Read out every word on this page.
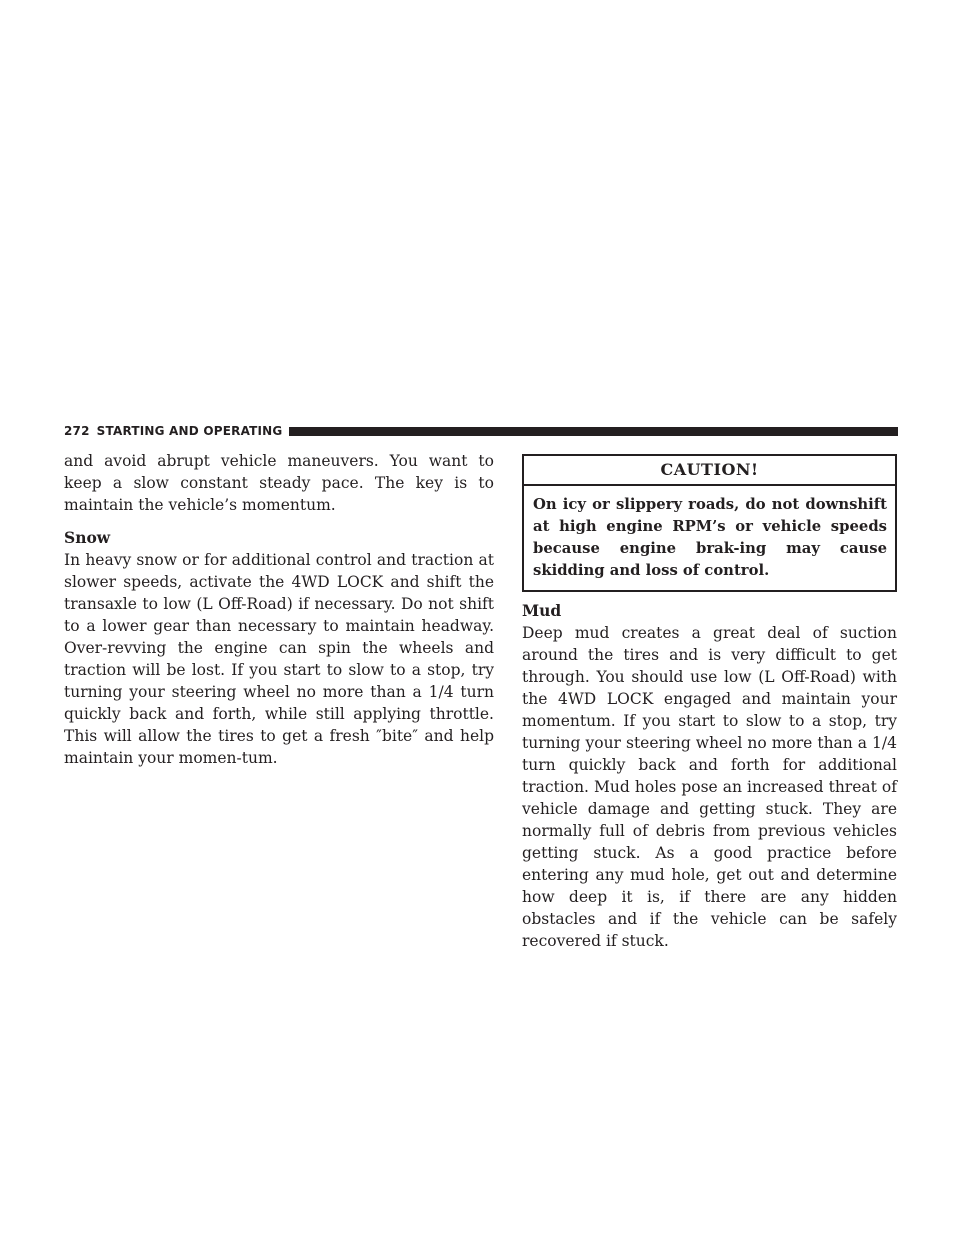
272 STARTING AND OPERATING

and avoid abrupt vehicle maneuvers. You want to keep a slow constant steady pace. The key is to maintain the vehicle’s momentum.

Snow

In heavy snow or for additional control and traction at slower speeds, activate the 4WD LOCK and shift the transaxle to low (L Off-Road) if necessary. Do not shift to a lower gear than necessary to maintain headway. Over-revving the engine can spin the wheels and traction will be lost. If you start to slow to a stop, try turning your steering wheel no more than a 1/4 turn quickly back and forth, while still applying throttle. This will allow the tires to get a fresh ″bite″ and help maintain your momen-tum.

CAUTION!
On icy or slippery roads, do not downshift at high engine RPM’s or vehicle speeds because engine brak-ing may cause skidding and loss of control.
Mud

Deep mud creates a great deal of suction around the tires and is very difficult to get through. You should use low (L Off-Road) with the 4WD LOCK engaged and maintain your momentum. If you start to slow to a stop, try turning your steering wheel no more than a 1/4 turn quickly back and forth for additional traction. Mud holes pose an increased threat of vehicle damage and getting stuck. They are normally full of debris from previous vehicles getting stuck. As a good practice before entering any mud hole, get out and determine how deep it is, if there are any hidden obstacles and if the vehicle can be safely recovered if stuck.
